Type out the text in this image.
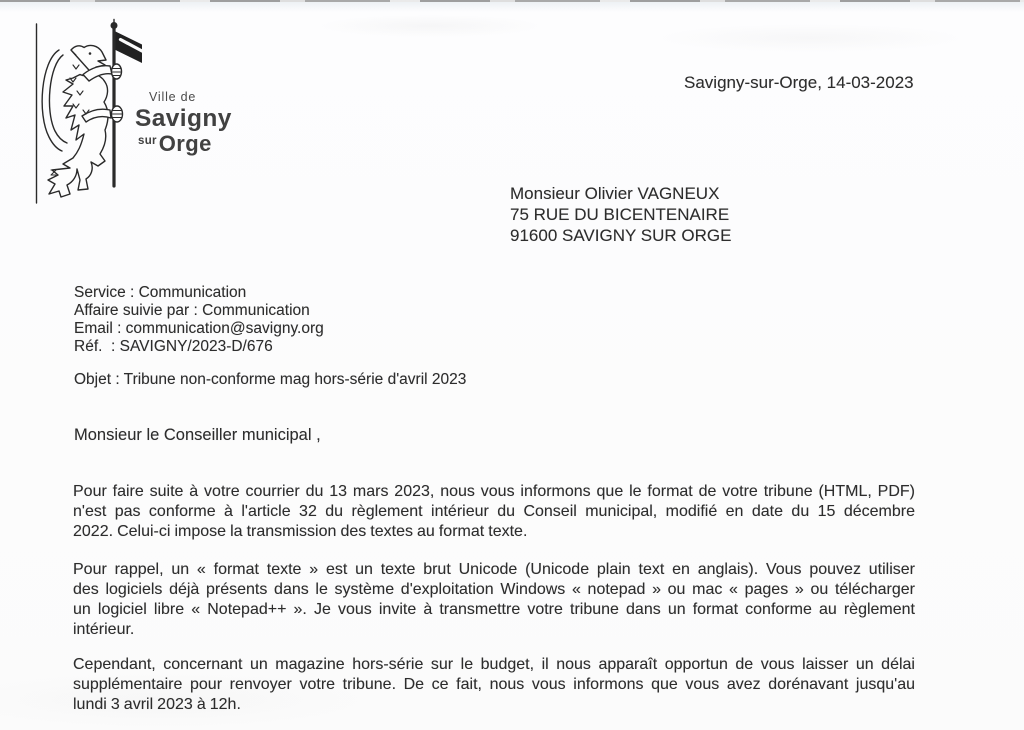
Ville de
Savigny
$^{sur}$Orge
Savigny-sur-Orge, 14-03-2023
Monsieur Olivier VAGNEUX
75 RUE DU BICENTENAIRE
91600 SAVIGNY SUR ORGE
Service : Communication
Affaire suivie par : Communication
Email : communication@savigny.org
Réf.  : SAVIGNY/2023-D/676
Objet : Tribune non-conforme mag hors-série d'avril 2023
Monsieur le Conseiller municipal ,
Pour faire suite à votre courrier du 13 mars 2023, nous vous informons que le format de votre tribune (HTML, PDF)
n'est pas conforme à l'article 32 du règlement intérieur du Conseil municipal, modifié en date du 15 décembre
2022. Celui-ci impose la transmission des textes au format texte.
Pour rappel, un « format texte » est un texte brut Unicode (Unicode plain text en anglais). Vous pouvez utiliser
des logiciels déjà présents dans le système d'exploitation Windows « notepad » ou mac « pages » ou télécharger
un logiciel libre « Notepad++ ». Je vous invite à transmettre votre tribune dans un format conforme au règlement
intérieur.
Cependant, concernant un magazine hors-série sur le budget, il nous apparaît opportun de vous laisser un délai
supplémentaire pour renvoyer votre tribune. De ce fait, nous vous informons que vous avez dorénavant jusqu'au
lundi 3 avril 2023 à 12h.
